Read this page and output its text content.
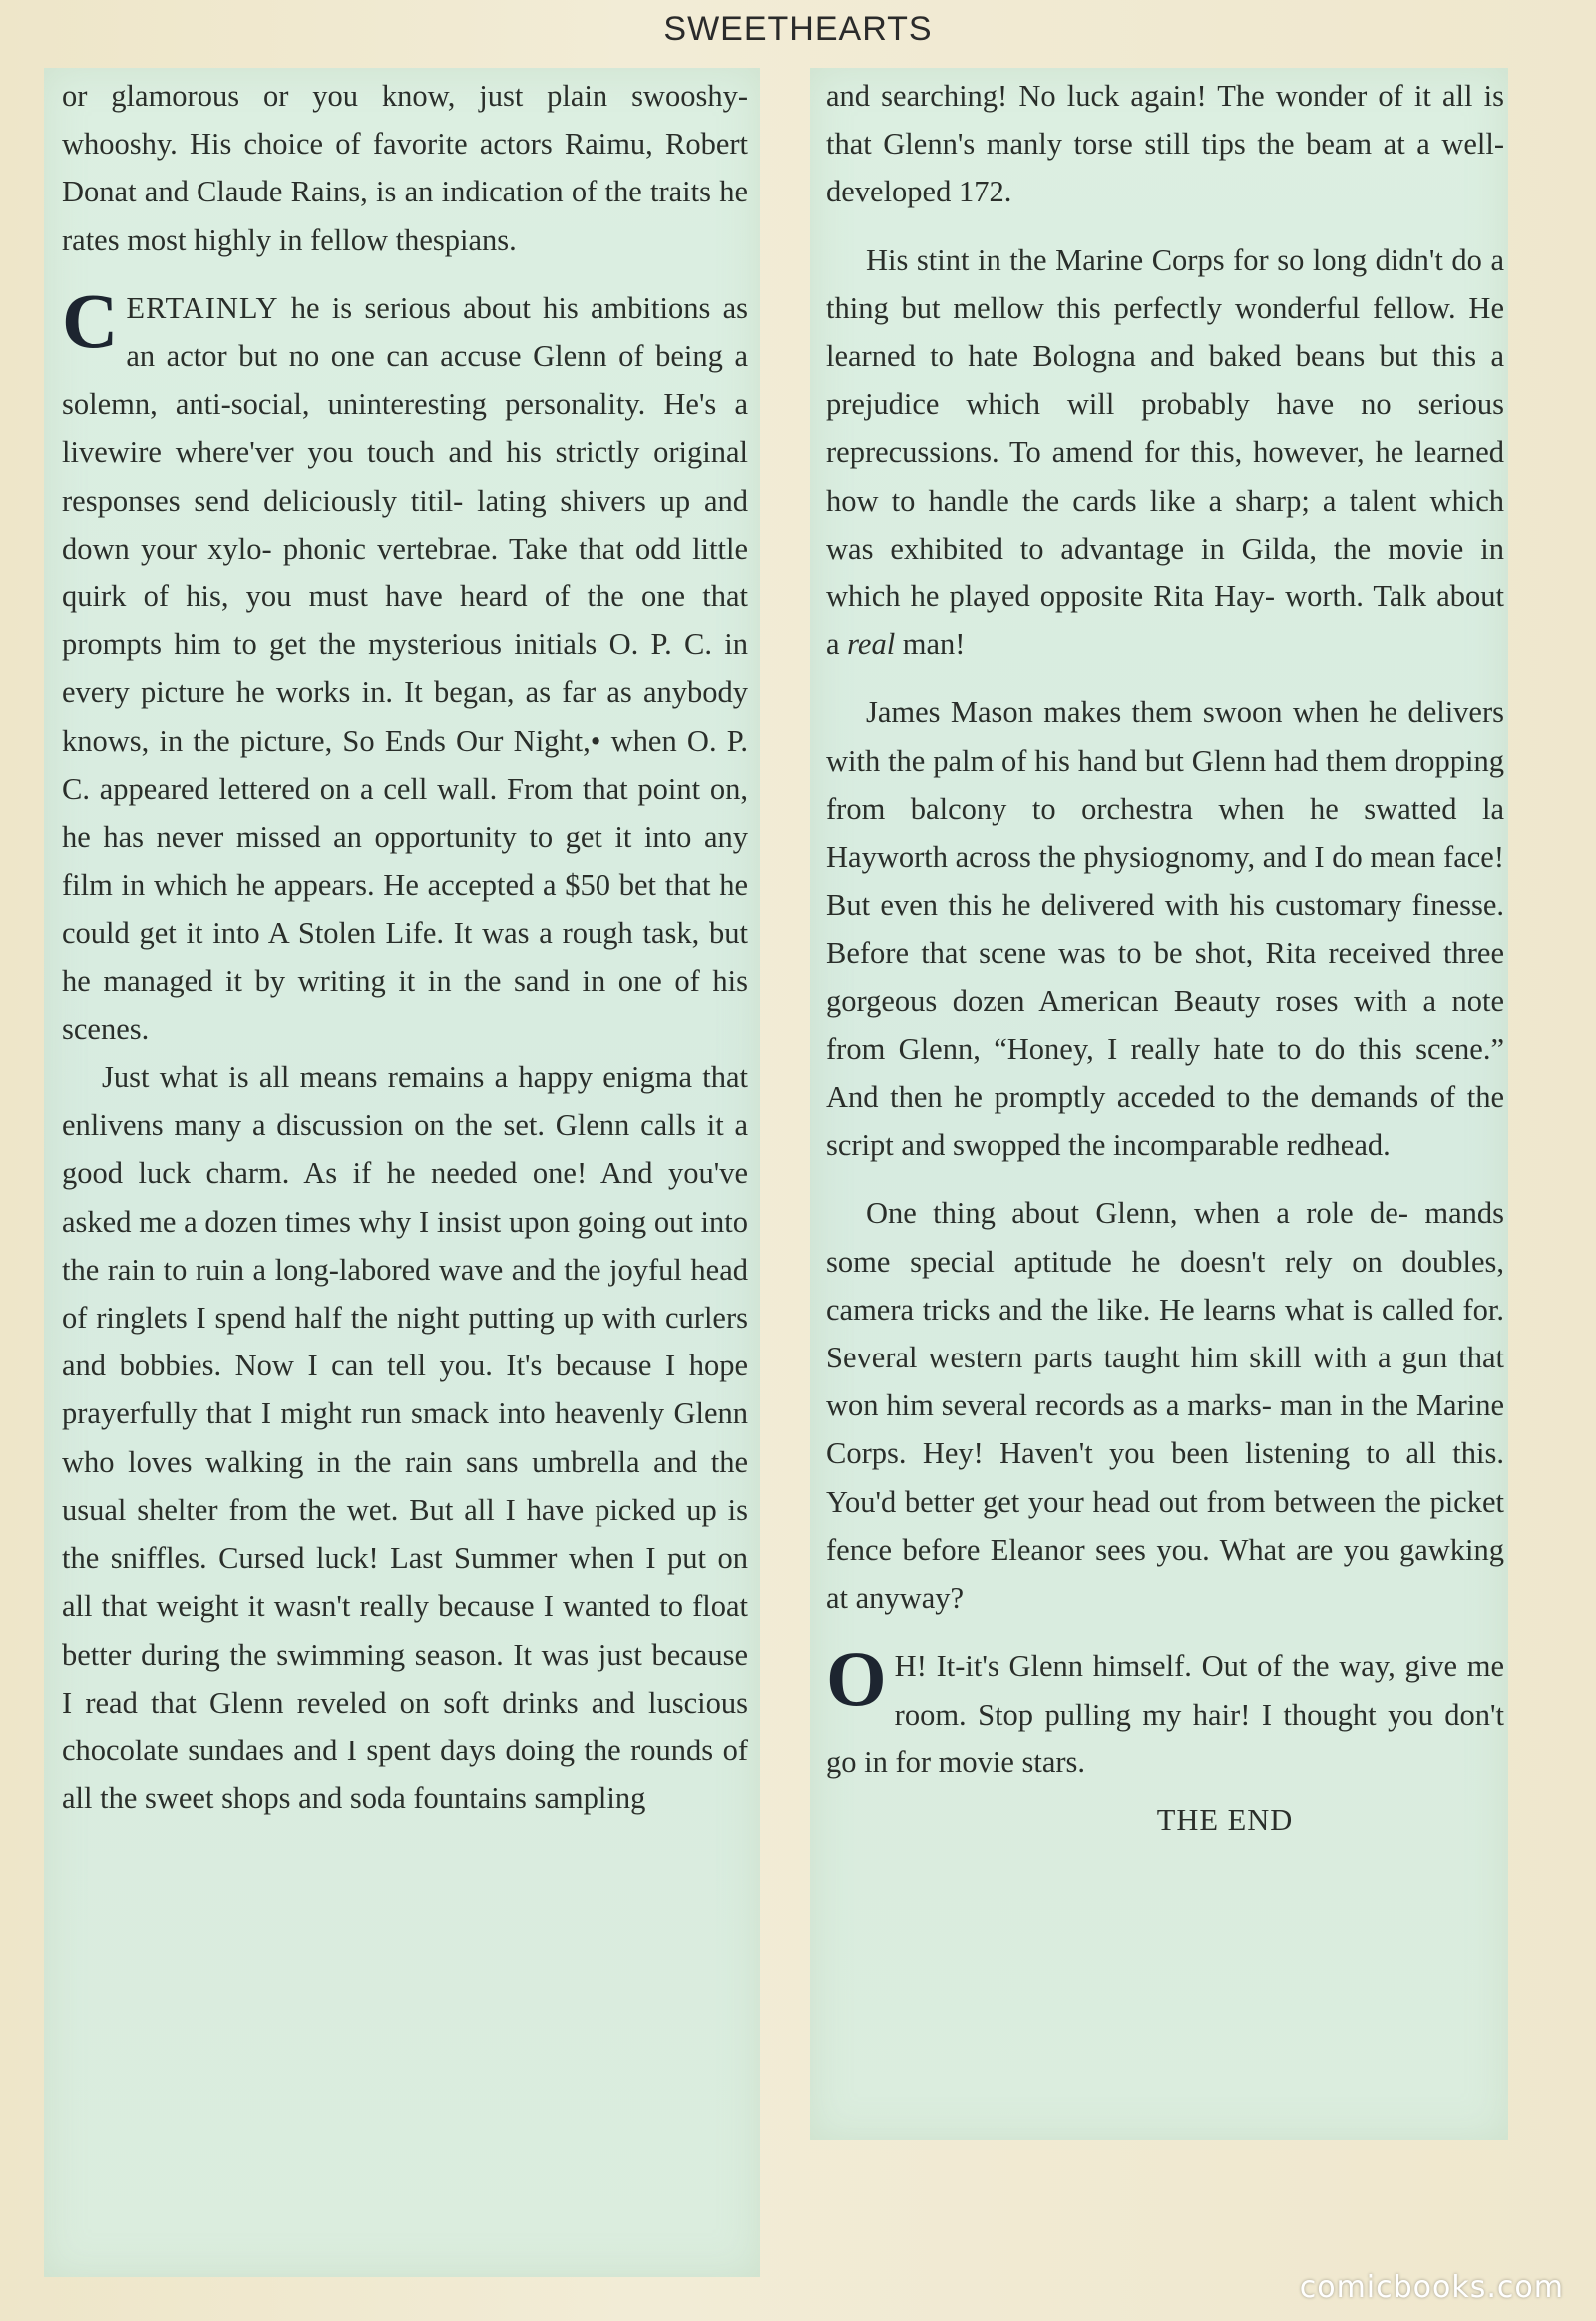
SWEETHEARTS

or glamorous or you know, just plain swooshy-whooshy. His choice of favorite actors Raimu, Robert Donat and Claude Rains, is an indication of the traits he rates most highly in fellow thespians.

CERTAINLY he is serious about his ambitions as an actor but no one can accuse Glenn of being a solemn, anti-social, uninteresting personality. He's a livewire where'ver you touch and his strictly original responses send deliciously titil- lating shivers up and down your xylo- phonic vertebrae. Take that odd little quirk of his, you must have heard of the one that prompts him to get the mysterious initials O. P. C. in every picture he works in. It began, as far as anybody knows, in the picture, So Ends Our Night,• when O. P. C. appeared lettered on a cell wall. From that point on, he has never missed an opportunity to get it into any film in which he appears. He accepted a $50 bet that he could get it into A Stolen Life. It was a rough task, but he managed it by writing it in the sand in one of his scenes.

Just what is all means remains a happy enigma that enlivens many a discussion on the set. Glenn calls it a good luck charm. As if he needed one! And you've asked me a dozen times why I insist upon going out into the rain to ruin a long-labored wave and the joyful head of ringlets I spend half the night putting up with curlers and bobbies. Now I can tell you. It's because I hope prayerfully that I might run smack into heavenly Glenn who loves walking in the rain sans umbrella and the usual shelter from the wet. But all I have picked up is the sniffles. Cursed luck! Last Summer when I put on all that weight it wasn't really because I wanted to float better during the swimming season. It was just because I read that Glenn reveled on soft drinks and luscious chocolate sundaes and I spent days doing the rounds of all the sweet shops and soda fountains sampling

and searching! No luck again! The wonder of it all is that Glenn's manly torse still tips the beam at a well-developed 172.

His stint in the Marine Corps for so long didn't do a thing but mellow this perfectly wonderful fellow. He learned to hate Bologna and baked beans but this a prejudice which will probably have no serious reprecussions. To amend for this, however, he learned how to handle the cards like a sharp; a talent which was exhibited to advantage in Gilda, the movie in which he played opposite Rita Hay- worth. Talk about a real man!

James Mason makes them swoon when he delivers with the palm of his hand but Glenn had them dropping from balcony to orchestra when he swatted la Hayworth across the physiognomy, and I do mean face! But even this he delivered with his customary finesse. Before that scene was to be shot, Rita received three gorgeous dozen American Beauty roses with a note from Glenn, “Honey, I really hate to do this scene.” And then he promptly acceded to the demands of the script and swopped the incomparable redhead.

One thing about Glenn, when a role de- mands some special aptitude he doesn't rely on doubles, camera tricks and the like. He learns what is called for. Several western parts taught him skill with a gun that won him several records as a marks- man in the Marine Corps. Hey! Haven't you been listening to all this. You'd better get your head out from between the picket fence before Eleanor sees you. What are you gawking at anyway?

O H! It-it's Glenn himself. Out of the way, give me room. Stop pulling my hair! I thought you don't go in for movie stars.

THE END
comicbooks.com
